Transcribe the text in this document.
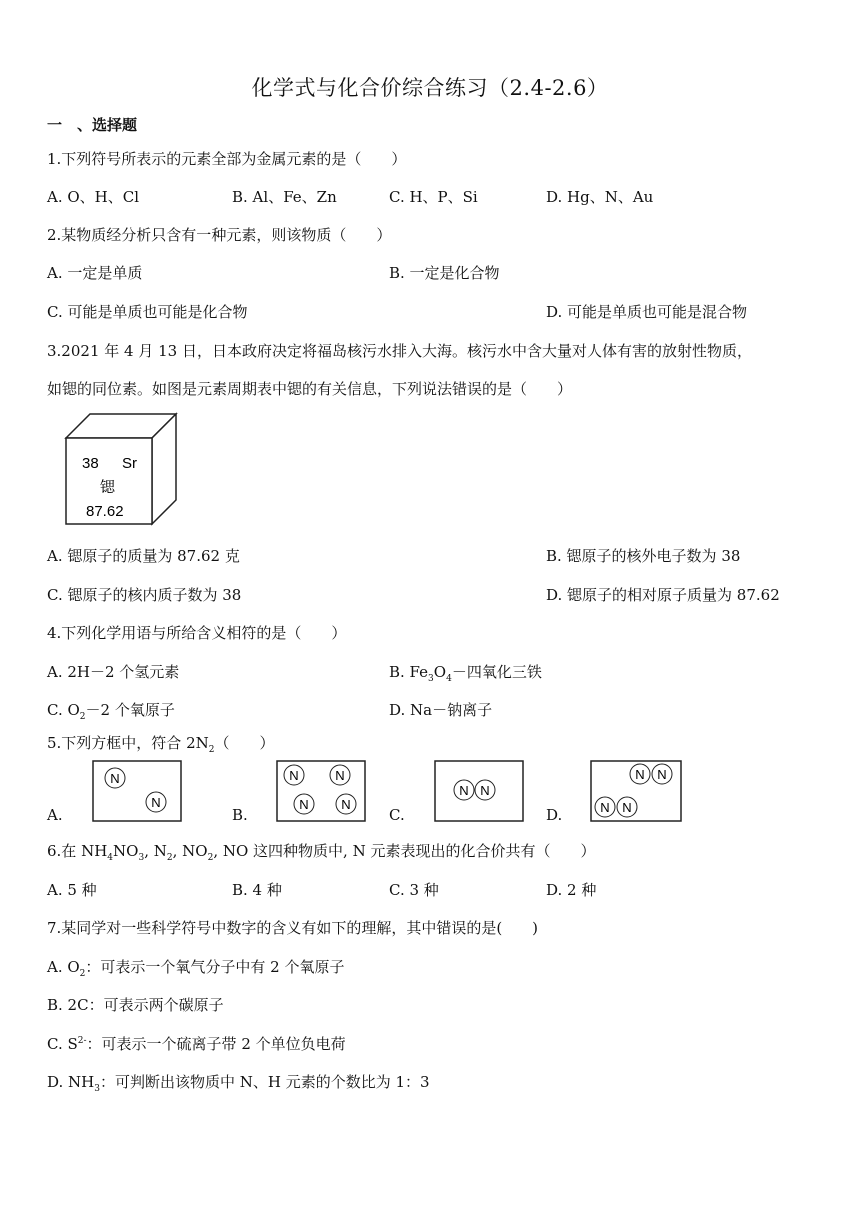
化学式与化合价综合练习（2.4-2.6）
一　、选择题
1.下列符号所表示的元素全部为金属元素的是（　　）
A. O、H、Cl	B. Al、Fe、Zn	C. H、P、Si	D. Hg、N、Au
2.某物质经分析只含有一种元素，则该物质（　　）
A. 一定是单质	B. 一定是化合物
C. 可能是单质也可能是化合物	D. 可能是单质也可能是混合物
3.2021 年 4 月 13 日，日本政府决定将福岛核污水排入大海。核污水中含大量对人体有害的放射性物质，
如锶的同位素。如图是元素周期表中锶的有关信息，下列说法错误的是（　　）
38 Sr
锶
87.62
A. 锶原子的质量为 87.62 克	B. 锶原子的核外电子数为 38
C. 锶原子的核内质子数为 38	D. 锶原子的相对原子质量为 87.62
4.下列化学用语与所给含义相符的是（　　）
A. 2H－2 个氢元素	B. $Fe_3O_4-$四氧化三铁
C. $O_2-2$ 个氧原子	D. Na－钠离子
5.下列方框中，符合 $2N_2$（　　）
A.
N
N
B.
N	N
N	N
C.
N N
D.
N N
N N
6.在 $NH_4NO_3$, $N_2$, $NO_2$, NO 这四种物质中, N 元素表现出的化合价共有（　　）
A. 5 种	B. 4 种	C. 3 种	D. 2 种
7.某同学对一些科学符号中数字的含义有如下的理解，其中错误的是(　　)
A. $O_2$：可表示一个氧气分子中有 2 个氧原子
B. 2C：可表示两个碳原子
C. $S^{2-}$：可表示一个硫离子带 2 个单位负电荷
D. $NH_3$：可判断出该物质中 N、H 元素的个数比为 1：3
